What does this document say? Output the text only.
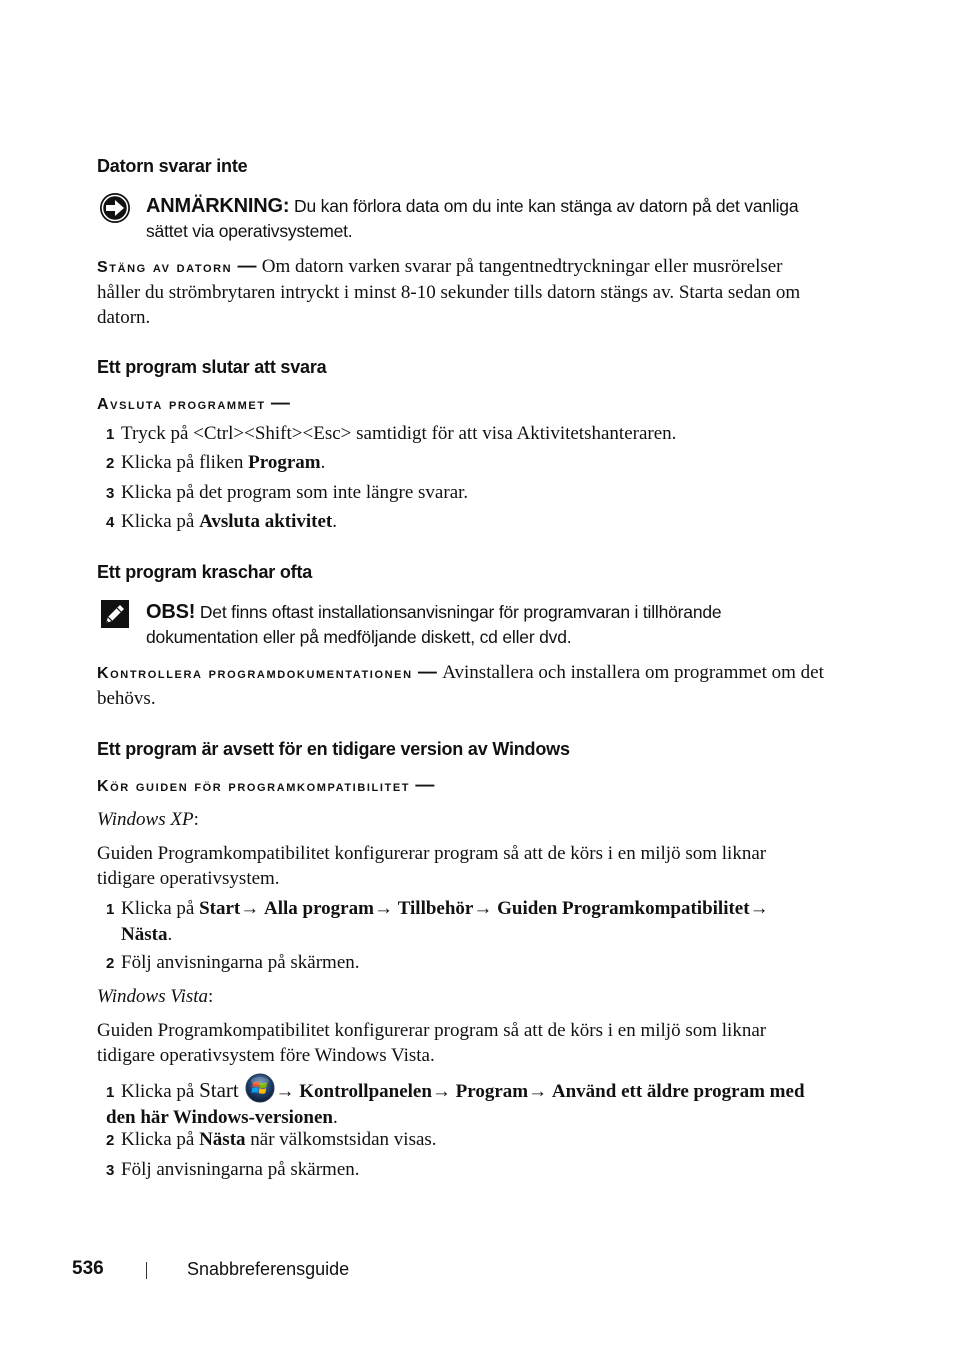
Datorn svarar inte
ANMÄRKNING: Du kan förlora data om du inte kan stänga av datorn på det vanliga sättet via operativsystemet.
Stäng av datorn — Om datorn varken svarar på tangentnedtryckningar eller musrörelser håller du strömbrytaren intryckt i minst 8-10 sekunder tills datorn stängs av. Starta sedan om datorn.
Ett program slutar att svara
Avsluta programmet —
1 Tryck på <Ctrl><Shift><Esc> samtidigt för att visa Aktivitetshanteraren.
2 Klicka på fliken Program.
3 Klicka på det program som inte längre svarar.
4 Klicka på Avsluta aktivitet.
Ett program kraschar ofta
OBS! Det finns oftast installationsanvisningar för programvaran i tillhörande dokumentation eller på medföljande diskett, cd eller dvd.
Kontrollera programdokumentationen — Avinstallera och installera om programmet om det behövs.
Ett program är avsett för en tidigare version av Windows
Kör guiden för programkompatibilitet —
Windows XP:
Guiden Programkompatibilitet konfigurerar program så att de körs i en miljö som liknar tidigare operativsystem.
1 Klicka på Start→ Alla program→ Tillbehör→ Guiden Programkompatibilitet→
Nästa.
2 Följ anvisningarna på skärmen.
Windows Vista:
Guiden Programkompatibilitet konfigurerar program så att de körs i en miljö som liknar tidigare operativsystem före Windows Vista.
1 Klicka på Start → Kontrollpanelen→ Program→ Använd ett äldre program med den här Windows-versionen.
2 Klicka på Nästa när välkomstsidan visas.
3 Följ anvisningarna på skärmen.
536	Snabbreferensguide
